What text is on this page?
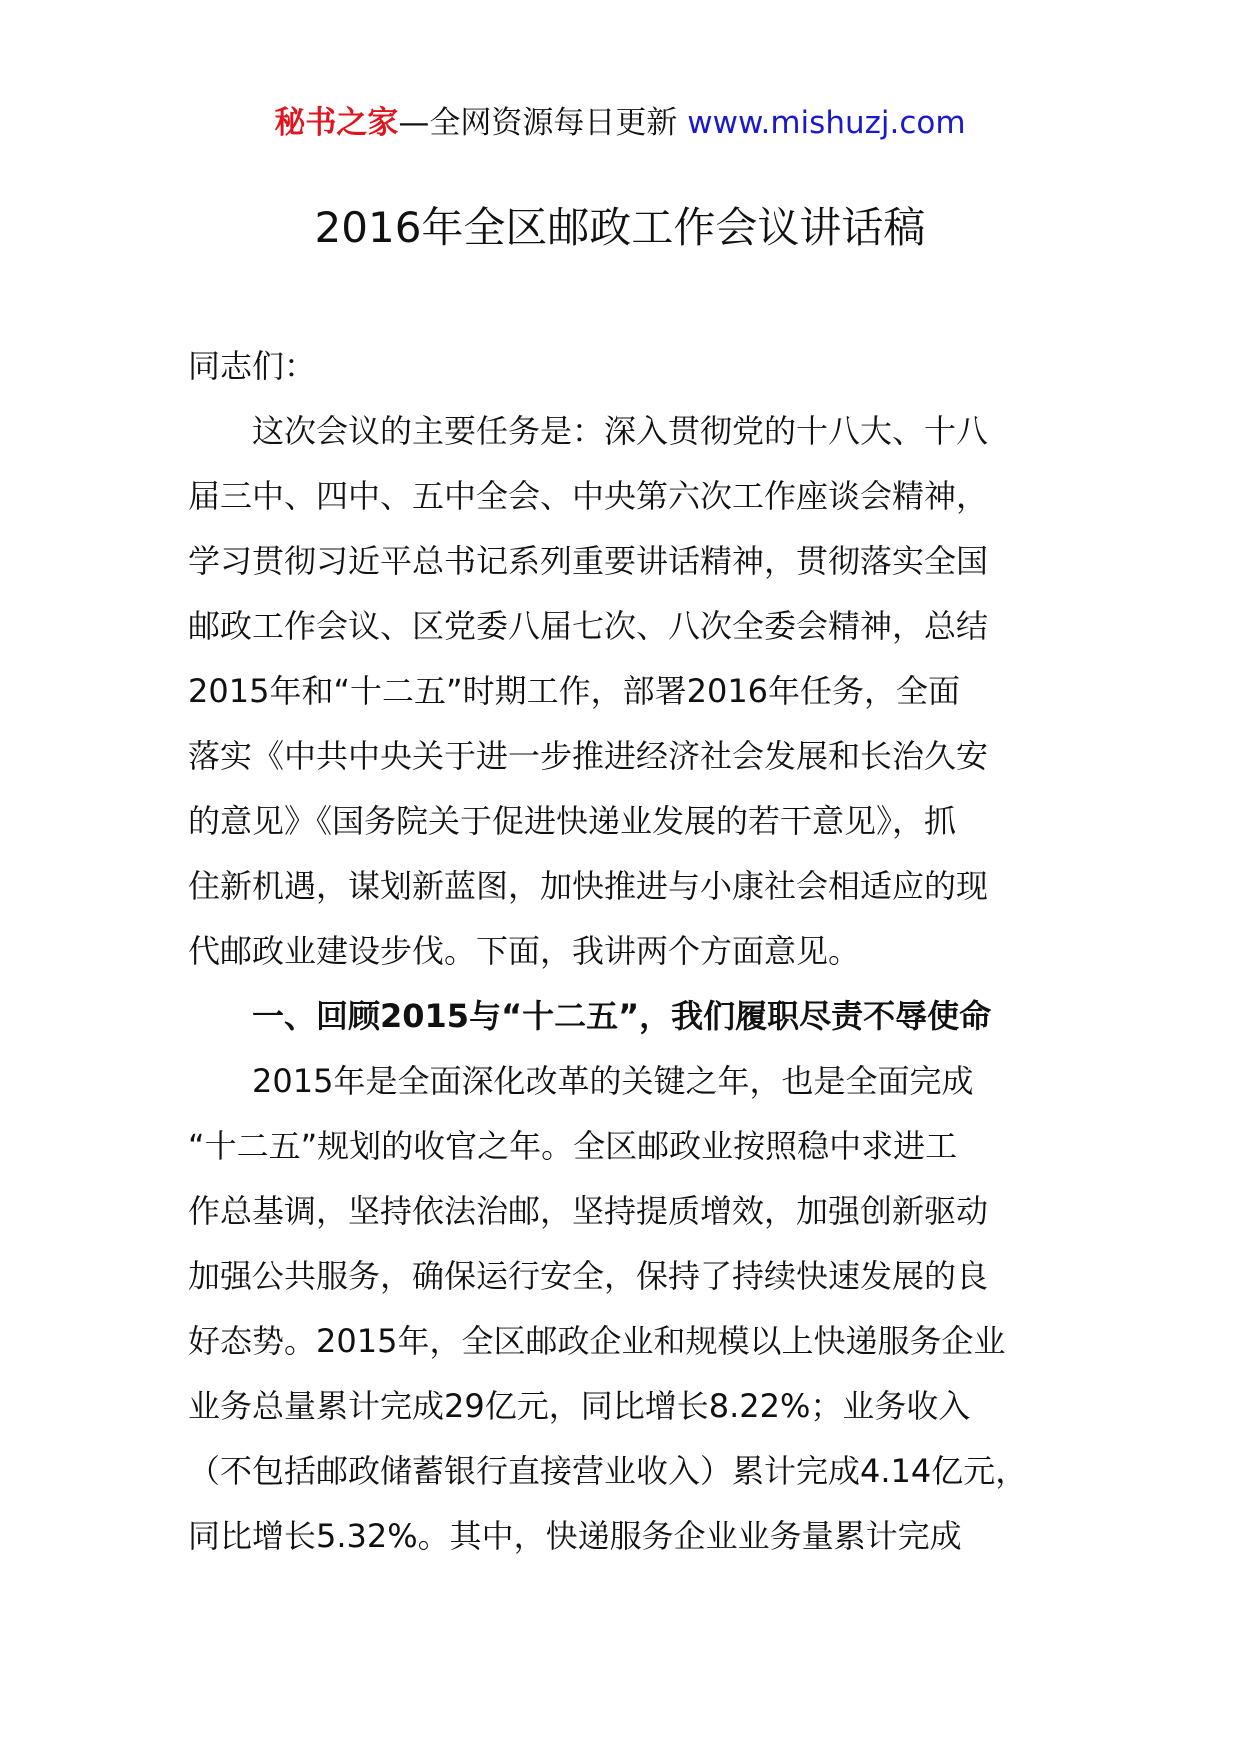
秘书之家—全网资源每日更新 www.mishuzj.com
2016年全区邮政工作会议讲话稿
同志们：
这次会议的主要任务是：深入贯彻党的十八大、十八
届三中、四中、五中全会、中央第六次工作座谈会精神，
学习贯彻习近平总书记系列重要讲话精神，贯彻落实全国
邮政工作会议、区党委八届七次、八次全委会精神，总结
2015年和“十二五”时期工作，部署2016年任务，全面
落实《中共中央关于进一步推进经济社会发展和长治久安
的意见》《国务院关于促进快递业发展的若干意见》，抓
住新机遇，谋划新蓝图，加快推进与小康社会相适应的现
代邮政业建设步伐。下面，我讲两个方面意见。
一、回顾2015与“十二五”，我们履职尽责不辱使命
2015年是全面深化改革的关键之年，也是全面完成
“十二五”规划的收官之年。全区邮政业按照稳中求进工
作总基调，坚持依法治邮，坚持提质增效，加强创新驱动
加强公共服务，确保运行安全，保持了持续快速发展的良
好态势。2015年，全区邮政企业和规模以上快递服务企业
业务总量累计完成29亿元，同比增长8.22%；业务收入
（不包括邮政储蓄银行直接营业收入）累计完成4.14亿元，
同比增长5.32%。其中，快递服务企业业务量累计完成
